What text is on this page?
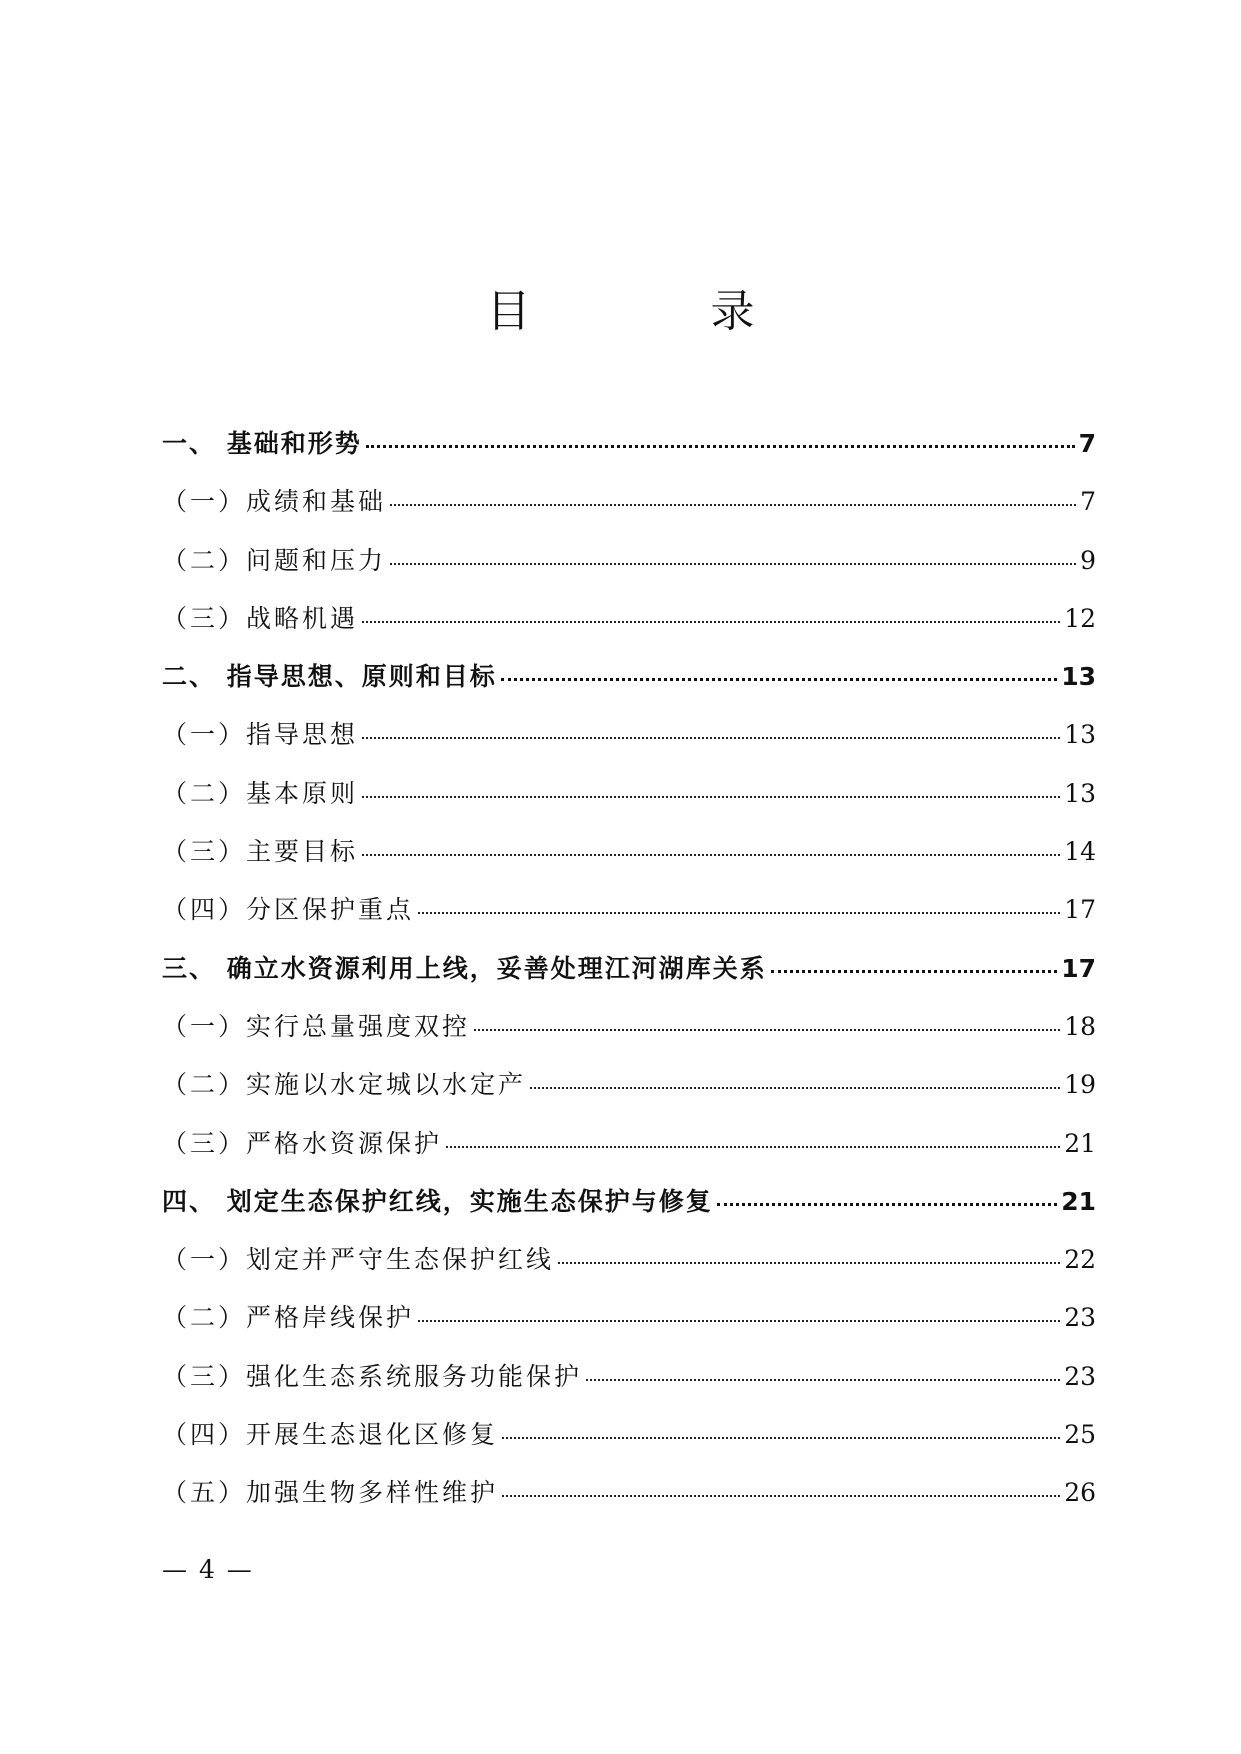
目　录
一、 基础和形势	7
（一）成绩和基础	7
（二）问题和压力	9
（三）战略机遇	12
二、 指导思想、原则和目标	13
（一）指导思想	13
（二）基本原则	13
（三）主要目标	14
（四）分区保护重点	17
三、 确立水资源利用上线，妥善处理江河湖库关系	17
（一）实行总量强度双控	18
（二）实施以水定城以水定产	19
（三）严格水资源保护	21
四、 划定生态保护红线，实施生态保护与修复	21
（一）划定并严守生态保护红线	22
（二）严格岸线保护	23
（三）强化生态系统服务功能保护	23
（四）开展生态退化区修复	25
（五）加强生物多样性维护	26
— 4 —
